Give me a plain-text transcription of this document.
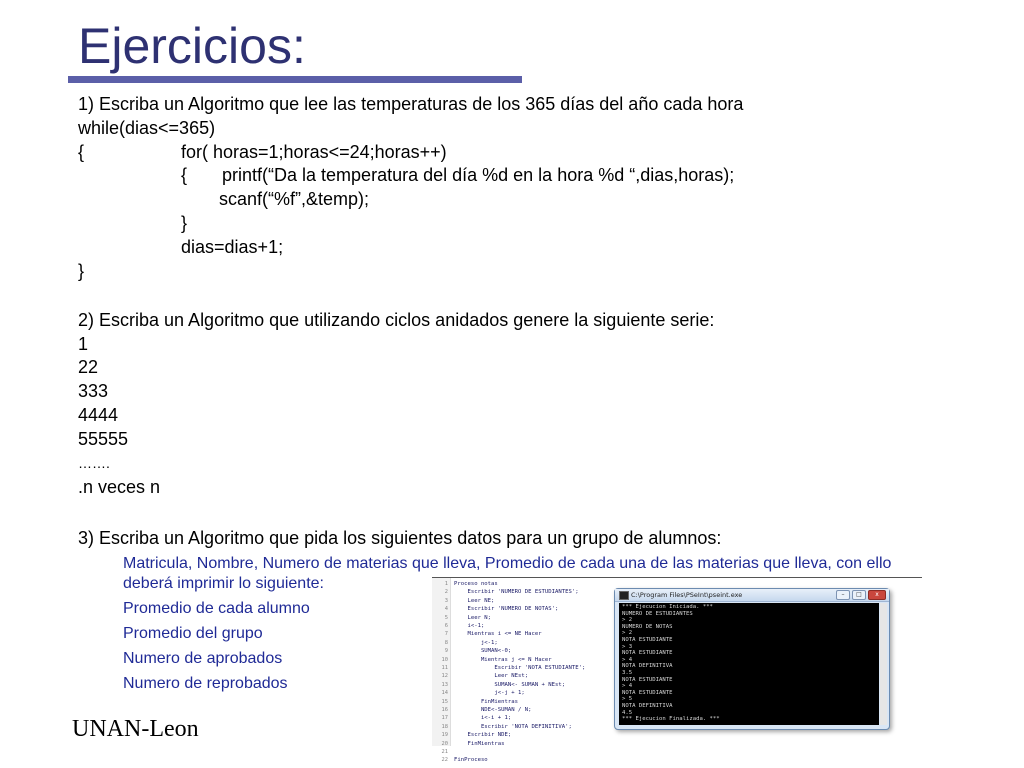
Ejercicios:
1) Escriba un Algoritmo que lee las temperaturas de los 365 días del año cada hora
while(dias<=365)
{	for( horas=1;horas<=24;horas++)
{       printf(“Da la temperatura del día %d en la hora %d “,dias,horas);
scanf(“%f”,&temp);
}
dias=dias+1;
}
2) Escriba un Algoritmo que utilizando ciclos anidados genere la siguiente serie:
1
22
333
4444
55555
…….
.n veces n
3) Escriba un Algoritmo que pida los siguientes datos para un grupo de alumnos:
Matricula, Nombre, Numero de materias que lleva, Promedio de cada una de las materias que lleva, con ello
deberá imprimir lo siguiente:
Promedio de cada alumno
Promedio del grupo
Numero de aprobados
Numero de reprobados
1
2
3
4
5
6
7
8
9
10
11
12
13
14
15
16
17
18
19
20
21
22
Proceso notas
Escribir 'NUMERO DE ESTUDIANTES';
Leer NE;
Escribir 'NUMERO DE NOTAS';
Leer N;
i<-1;
Mientras i <= NE Hacer
j<-1;
SUMAN<-0;
Mientras j <= N Hacer
Escribir 'NOTA ESTUDIANTE';
Leer NEst;
SUMAN<- SUMAN + NEst;
j<-j + 1;
FinMientras
NDE<-SUMAN / N;
i<-i + 1;
Escribir 'NOTA DEFINITIVA';
Escribir NDE;
FinMientras
FinProceso
C:\Program Files\PSeInt\pseint.exe	–	□	x
*** Ejecucion Iniciada. ***
NUMERO DE ESTUDIANTES
> 2
NUMERO DE NOTAS
> 2
NOTA ESTUDIANTE
> 3
NOTA ESTUDIANTE
> 4
NOTA DEFINITIVA
3.5
NOTA ESTUDIANTE
> 4
NOTA ESTUDIANTE
> 5
NOTA DEFINITIVA
4.5
*** Ejecucion Finalizada. ***
UNAN-Leon
